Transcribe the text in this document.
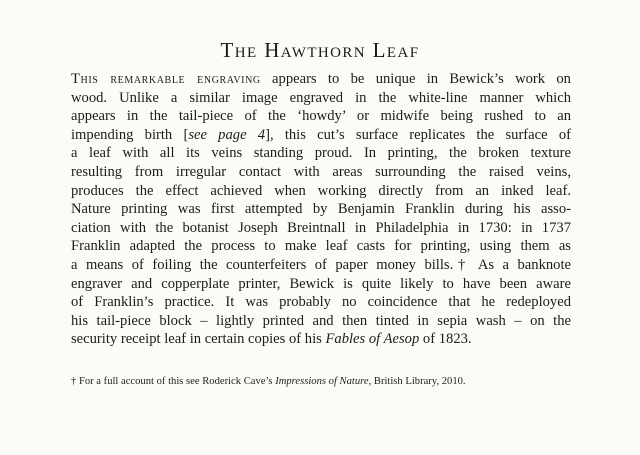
The Hawthorn Leaf
This remarkable engraving appears to be unique in Bewick’s work on
wood. Unlike a similar image engraved in the white-line manner which
appears in the tail-piece of the ‘howdy’ or midwife being rushed to an
impending birth [see page 4], this cut’s surface replicates the surface of
a leaf with all its veins standing proud. In printing, the broken texture
resulting from irregular contact with areas surrounding the raised veins,
produces the effect achieved when working directly from an inked leaf.
Nature printing was first attempted by Benjamin Franklin during his asso-
ciation with the botanist Joseph Breintnall in Philadelphia in 1730: in 1737
Franklin adapted the process to make leaf casts for printing, using them as
a means of foiling the counterfeiters of paper money bills.† As a banknote
engraver and copperplate printer, Bewick is quite likely to have been aware
of Franklin’s practice. It was probably no coincidence that he redeployed
his tail-piece block – lightly printed and then tinted in sepia wash – on the
security receipt leaf in certain copies of his Fables of Aesop of 1823.
† For a full account of this see Roderick Cave’s Impressions of Nature, British Library, 2010.
